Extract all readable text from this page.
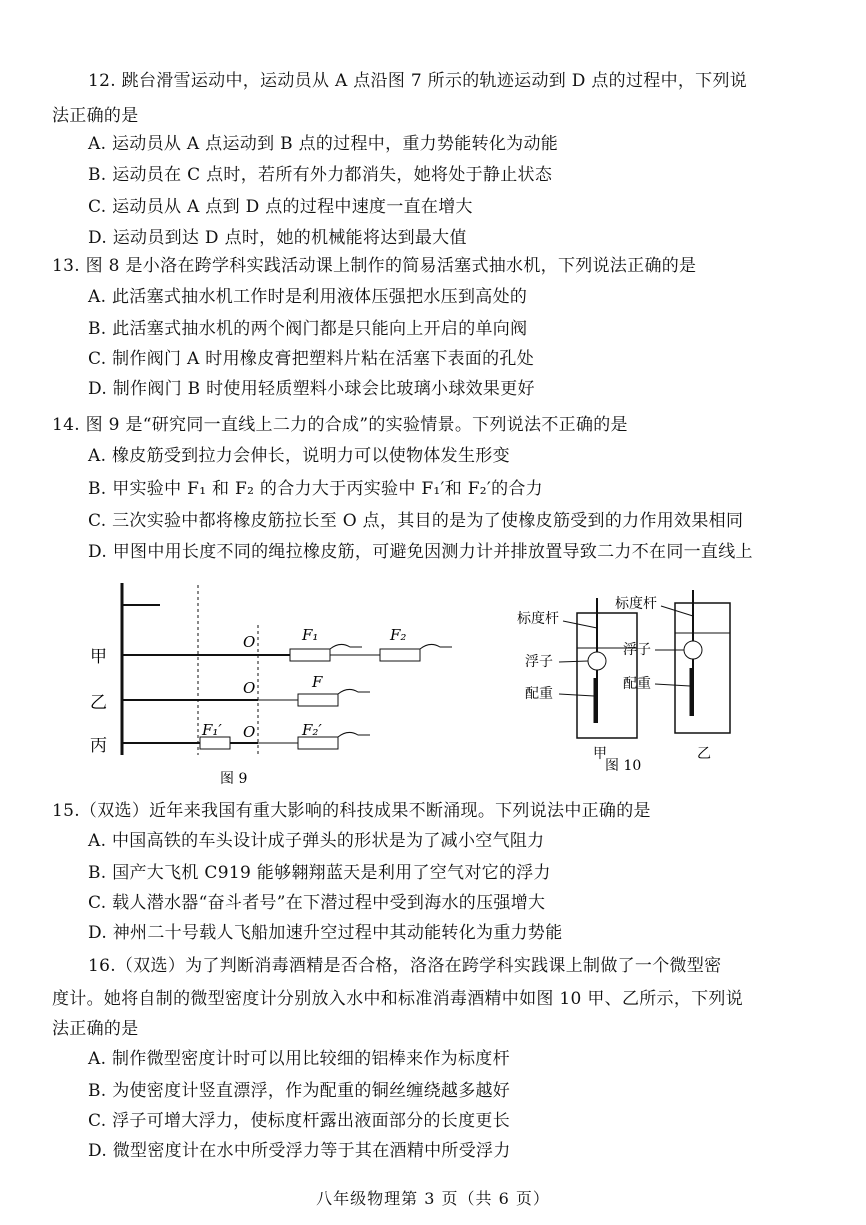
12. 跳台滑雪运动中，运动员从 A 点沿图 7 所示的轨迹运动到 D 点的过程中，下列说
法正确的是
A. 运动员从 A 点运动到 B 点的过程中，重力势能转化为动能
B. 运动员在 C 点时，若所有外力都消失，她将处于静止状态
C. 运动员从 A 点到 D 点的过程中速度一直在增大
D. 运动员到达 D 点时，她的机械能将达到最大值
13. 图 8 是小洛在跨学科实践活动课上制作的简易活塞式抽水机，下列说法正确的是
A. 此活塞式抽水机工作时是利用液体压强把水压到高处的
B. 此活塞式抽水机的两个阀门都是只能向上开启的单向阀
C. 制作阀门 A 时用橡皮膏把塑料片粘在活塞下表面的孔处
D. 制作阀门 B 时使用轻质塑料小球会比玻璃小球效果更好
14. 图 9 是“研究同一直线上二力的合成”的实验情景。下列说法不正确的是
A. 橡皮筋受到拉力会伸长，说明力可以使物体发生形变
B. 甲实验中 F₁ 和 F₂ 的合力大于丙实验中 F₁′和 F₂′的合力
C. 三次实验中都将橡皮筋拉长至 O 点，其目的是为了使橡皮筋受到的力作用效果相同
D. 甲图中用长度不同的绳拉橡皮筋，可避免因测力计并排放置导致二力不在同一直线上
甲
O	F₁	F₂
乙
O	F
丙
F₁′ O	F₂′
图 9
标度杆
浮子
配重
甲
标度杆
浮子
配重
乙
图 10
15.（双选）近年来我国有重大影响的科技成果不断涌现。下列说法中正确的是
A. 中国高铁的车头设计成子弹头的形状是为了减小空气阻力
B. 国产大飞机 C919 能够翱翔蓝天是利用了空气对它的浮力
C. 载人潜水器“奋斗者号”在下潜过程中受到海水的压强增大
D. 神州二十号载人飞船加速升空过程中其动能转化为重力势能
16.（双选）为了判断消毒酒精是否合格，洛洛在跨学科实践课上制做了一个微型密
度计。她将自制的微型密度计分别放入水中和标准消毒酒精中如图 10 甲、乙所示，下列说
法正确的是
A. 制作微型密度计时可以用比较细的铝棒来作为标度杆
B. 为使密度计竖直漂浮，作为配重的铜丝缠绕越多越好
C. 浮子可增大浮力，使标度杆露出液面部分的长度更长
D. 微型密度计在水中所受浮力等于其在酒精中所受浮力
八年级物理第 3 页（共 6 页）
